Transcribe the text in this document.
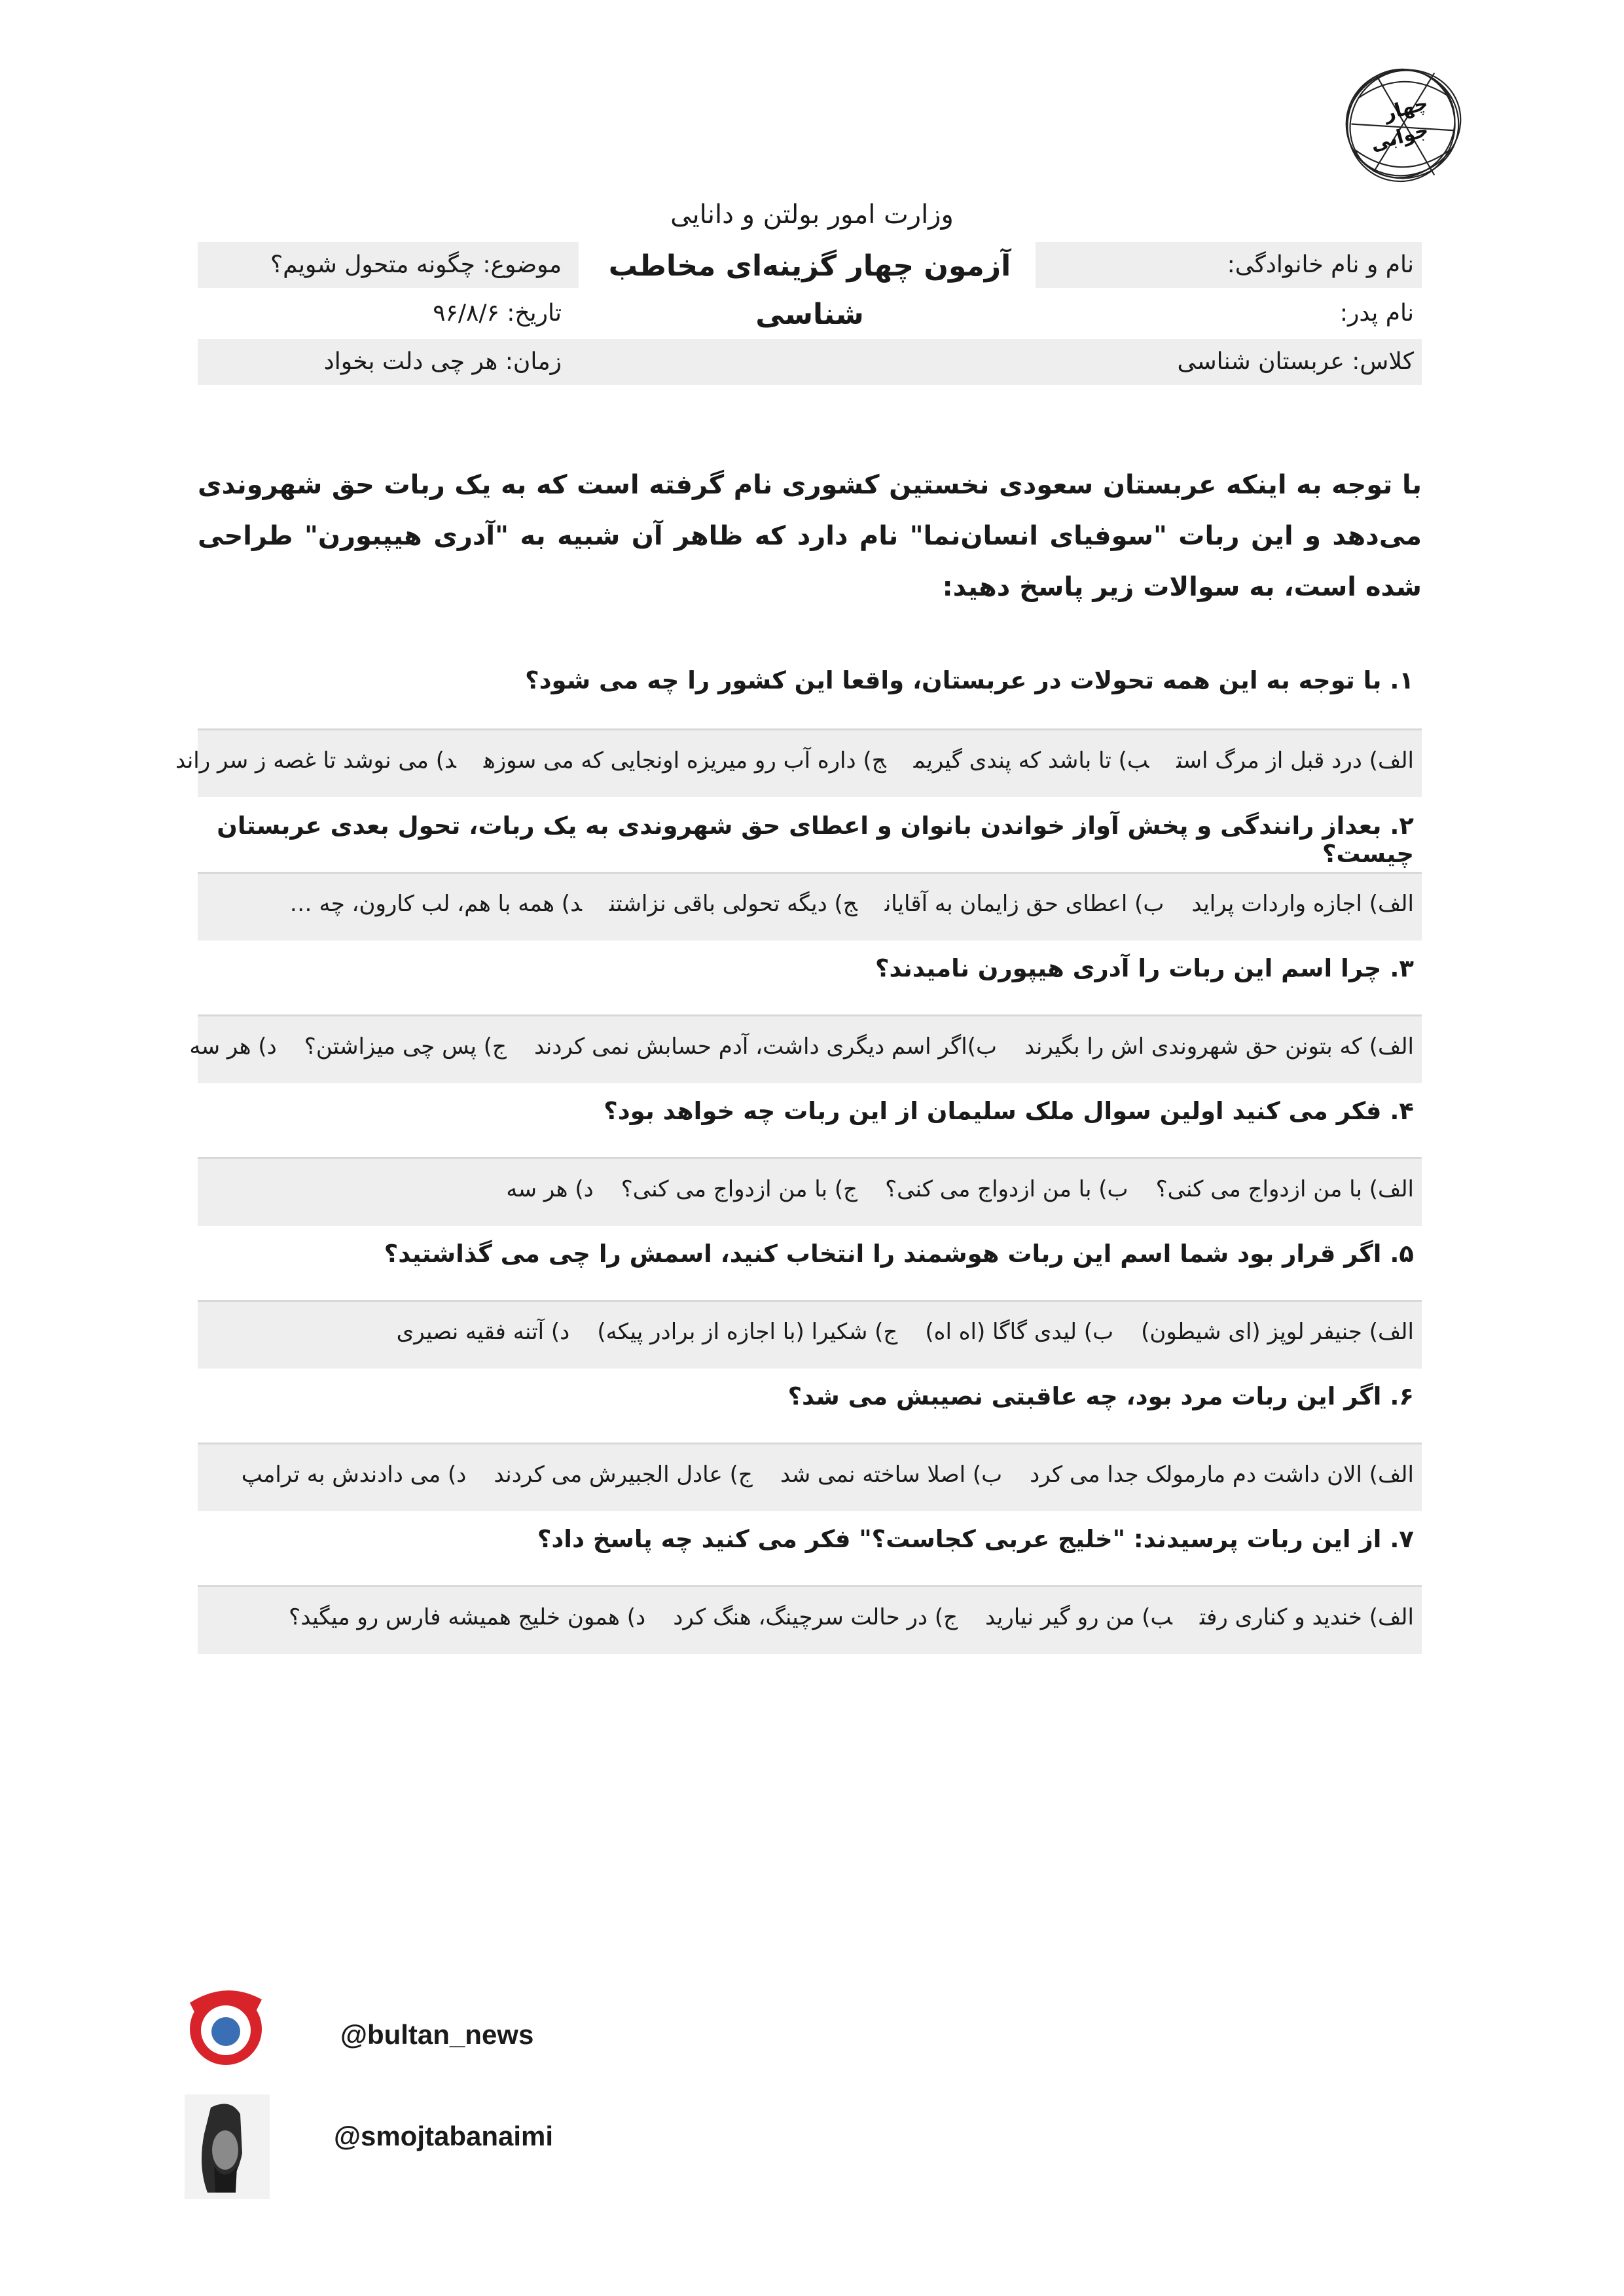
چهار
جوابی
وزارت امور بولتن و دانایی
نام و نام خانوادگی:
موضوع: چگونه متحول شویم؟	آزمون چهار گزینه‌ای مخاطب شناسی	نام پدر:
تاریخ: ۹۶/۸/۶
کلاس: عربستان شناسی
زمان: هر چی دلت بخواد
با توجه به اینکه عربستان سعودی نخستین کشوری نام گرفته است که به یک ربات حق شهروندی می‌دهد و این ربات "سوفیای انسان‌نما" نام دارد که ظاهر آن شبیه به "آدری هیپبورن" طراحی شده است، به سوالات زیر پاسخ دهید:
۱. با توجه به این همه تحولات در عربستان، واقعا این کشور را چه می شود؟
الف) درد قبل از مرگ استب) تا باشد که پندی گیریمج) داره آب رو میریزه اونجایی که می سوزهد) می نوشد تا غصه ز سر راند
۲. بعداز رانندگی و پخش آواز خواندن بانوان و اعطای حق شهروندی به یک ربات، تحول بعدی عربستان چیست؟
الف) اجازه واردات پرایدب) اعطای حق زایمان به آقایانج) دیگه تحولی باقی نزاشتند) همه با هم، لب کارون، چه …
۳. چرا اسم این ربات را آدری هیپورن نامیدند؟
الف) که بتونن حق شهروندی اش را بگیرندب)اگر اسم دیگری داشت، آدم حسابش نمی کردندج) پس چی میزاشتن؟د) هر سه
۴. فکر می کنید اولین سوال ملک سلیمان از این ربات چه خواهد بود؟
الف) با من ازدواج می کنی؟ب) با من ازدواج می کنی؟ج) با من ازدواج می کنی؟د) هر سه
۵. اگر قرار بود شما اسم این ربات هوشمند را انتخاب کنید، اسمش را چی می گذاشتید؟
الف) جنیفر لوپز (ای شیطون)ب) لیدی گاگا (اه اه)ج) شکیرا (با اجازه از برادر پیکه)د) آتنه فقیه نصیری
۶. اگر این ربات مرد بود، چه عاقبتی نصیبش می شد؟
الف) الان داشت دم مارمولک جدا می کردب) اصلا ساخته نمی شدج) عادل الجبیرش می کردندد) می دادندش به ترامپ
۷. از این ربات پرسیدند: "خلیج عربی کجاست؟" فکر می کنید چه پاسخ داد؟
الف) خندید و کناری رفتب) من رو گیر نیاریدج) در حالت سرچینگ، هنگ کردد) همون خلیج همیشه فارس رو میگید؟
@bultan_news
@smojtabanaimi
